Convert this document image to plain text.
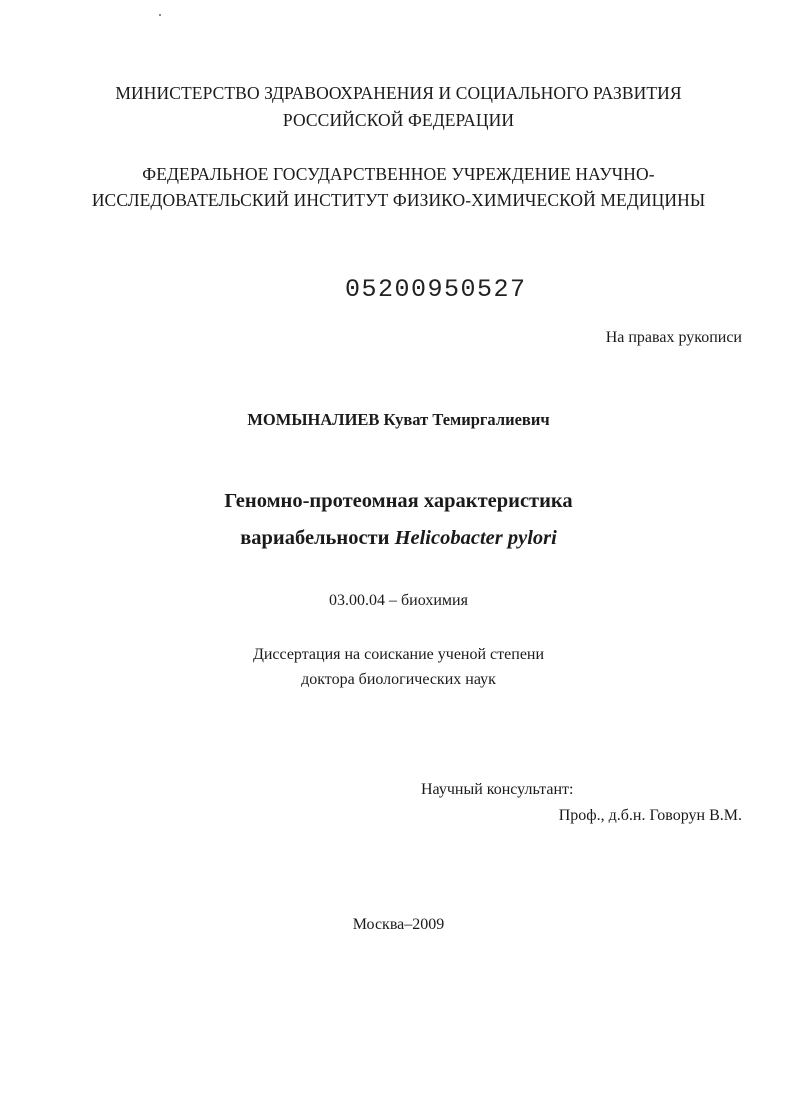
МИНИСТЕРСТВО ЗДРАВООХРАНЕНИЯ И СОЦИАЛЬНОГО РАЗВИТИЯ
РОССИЙСКОЙ ФЕДЕРАЦИИ
ФЕДЕРАЛЬНОЕ ГОСУДАРСТВЕННОЕ УЧРЕЖДЕНИЕ НАУЧНО-
ИССЛЕДОВАТЕЛЬСКИЙ ИНСТИТУТ ФИЗИКО-ХИМИЧЕСКОЙ МЕДИЦИНЫ
05200950527
На правах рукописи
МОМЫНАЛИЕВ Куват Темиргалиевич
Геномно-протеомная характеристика
вариабельности Helicobacter pylori
03.00.04 – биохимия
Диссертация на соискание ученой степени
доктора биологических наук
Научный консультант:
Проф., д.б.н. Говорун В.М.
Москва–2009
